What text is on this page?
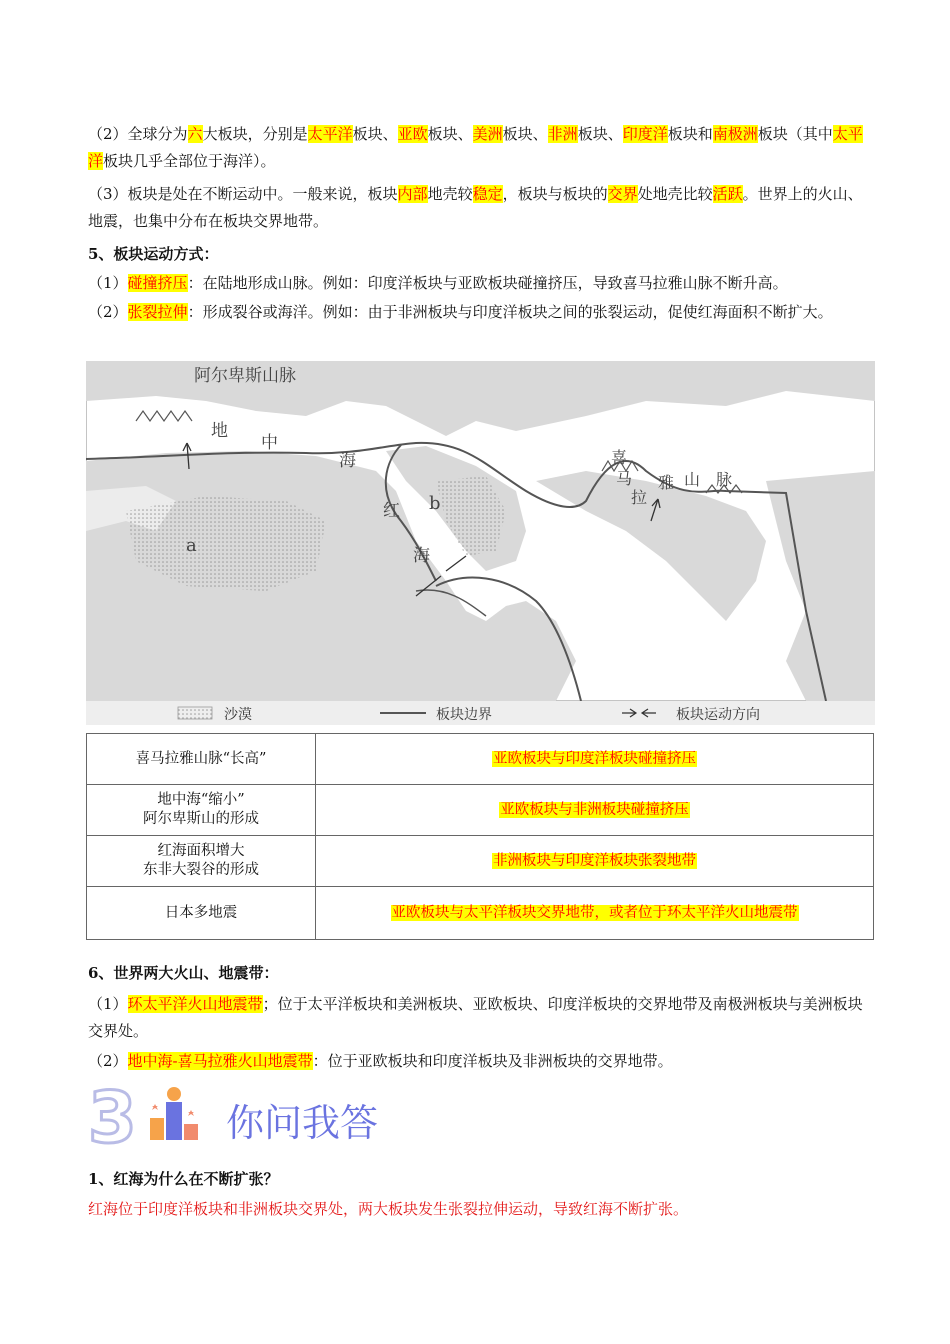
（2）全球分为六大板块，分别是太平洋板块、亚欧板块、美洲板块、非洲板块、印度洋板块和南极洲板块（其中太平洋板块几乎全部位于海洋）。
（3）板块是处在不断运动中。一般来说，板块内部地壳较稳定，板块与板块的交界处地壳比较活跃。世界上的火山、地震，也集中分布在板块交界地带。
5、板块运动方式：
（1）碰撞挤压：在陆地形成山脉。例如：印度洋板块与亚欧板块碰撞挤压，导致喜马拉雅山脉不断升高。
（2）张裂拉伸：形成裂谷或海洋。例如：由于非洲板块与印度洋板块之间的张裂运动，促使红海面积不断扩大。
阿尔卑斯山脉
地
中
海
红
海
a
b
喜
马
拉
雅 山 脉
沙漠	板块边界	板块运动方向
喜马拉雅山脉“长高”	亚欧板块与印度洋板块碰撞挤压
地中海“缩小”
阿尔卑斯山的形成	亚欧板块与非洲板块碰撞挤压
红海面积增大
东非大裂谷的形成	非洲板块与印度洋板块张裂地带
日本多地震	亚欧板块与太平洋板块交界地带，或者位于环太平洋火山地震带
6、世界两大火山、地震带：
（1）环太平洋火山地震带；位于太平洋板块和美洲板块、亚欧板块、印度洋板块的交界地带及南极洲板块与美洲板块交界处。
（2）地中海-喜马拉雅火山地震带：位于亚欧板块和印度洋板块及非洲板块的交界地带。
3 你问我答
1、红海为什么在不断扩张？
红海位于印度洋板块和非洲板块交界处，两大板块发生张裂拉伸运动，导致红海不断扩张。
